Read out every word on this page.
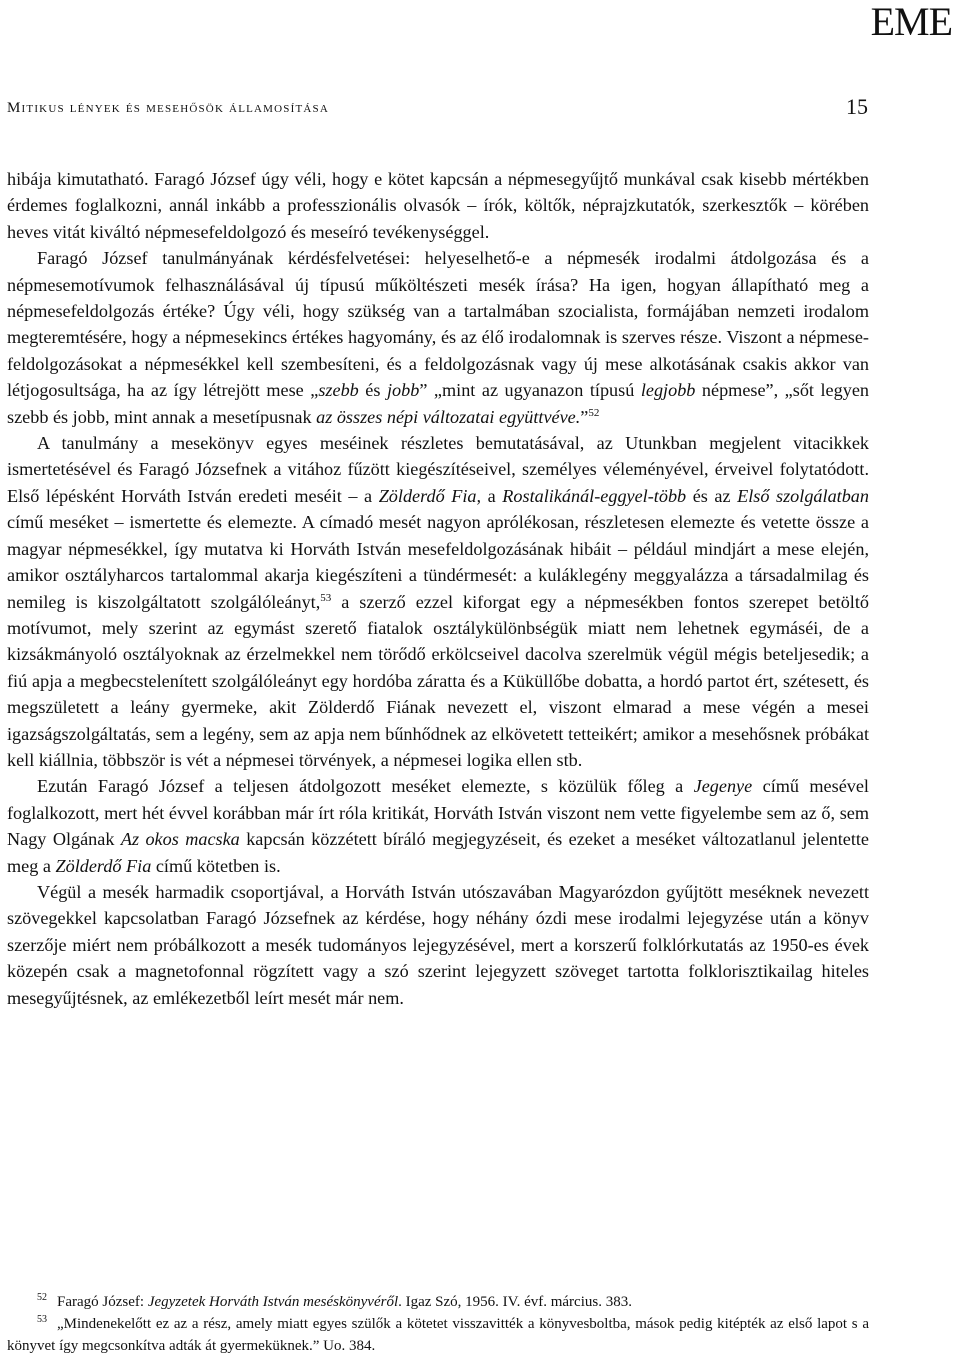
EME
Mitikus lények és mesehősök államosítása	15

hibája kimutatható. Faragó József úgy véli, hogy e kötet kapcsán a népmesegyűjtő munkával csak kisebb mértékben érdemes foglalkozni, annál inkább a professzionális olvasók – írók, költők, néprajzkutatók, szerkesztők – körében heves vitát kiváltó népmesefeldolgozó és meseíró tevékenységgel.

Faragó József tanulmányának kérdésfelvetései: helyeselhető-e a népmesék irodalmi átdolgozása és a népmesemotívumok felhasználásával új típusú műköltészeti mesék írása? Ha igen, hogyan állapítható meg a népmesefeldolgozás értéke? Úgy véli, hogy szükség van a tartalmában szocialista, formájában nemzeti irodalom megteremtésére, hogy a népmesekincs értékes hagyomány, és az élő irodalomnak is szerves része. Viszont a népmese-feldolgozásokat a népmesékkel kell szembesíteni, és a feldolgozásnak vagy új mese alkotásának csakis akkor van létjogosultsága, ha az így létrejött mese „szebb és jobb” „mint az ugyanazon típusú legjobb népmese”, „sőt legyen szebb és jobb, mint annak a mesetípusnak az összes népi változatai együttvéve.”$^{52}$

A tanulmány a mesekönyv egyes meséinek részletes bemutatásával, az Utunkban megjelent vitacikkek ismertetésével és Faragó Józsefnek a vitához fűzött kiegészítéseivel, személyes véleményével, érveivel folytatódott. Első lépésként Horváth István eredeti meséit – a Zölderdő Fia, a Rostalikánál-eggyel-több és az Első szolgálatban című meséket – ismertette és elemezte. A címadó mesét nagyon aprólékosan, részletesen elemezte és vetette össze a magyar népmesékkel, így mutatva ki Horváth István mesefeldolgozásának hibáit – például mindjárt a mese elején, amikor osztályharcos tartalommal akarja kiegészíteni a tündérmesét: a kuláklegény meggyalázza a társadalmilag és nemileg is kiszolgáltatott szolgálóleányt,$^{53}$ a szerző ezzel kiforgat egy a népmesékben fontos szerepet betöltő motívumot, mely szerint az egymást szerető fiatalok osztálykülönbségük miatt nem lehetnek egymáséi, de a kizsákmányoló osztályoknak az érzelmekkel nem törődő erkölcseivel dacolva szerelmük végül mégis beteljesedik; a fiú apja a megbecstelenített szolgálóleányt egy hordóba záratta és a Küküllőbe dobatta, a hordó partot ért, szétesett, és megszületett a leány gyermeke, akit Zölderdő Fiának nevezett el, viszont elmarad a mese végén a mesei igazságszolgáltatás, sem a legény, sem az apja nem bűnhődnek az elkövetett tetteikért; amikor a mesehősnek próbákat kell kiállnia, többször is vét a népmesei törvények, a népmesei logika ellen stb.

Ezután Faragó József a teljesen átdolgozott meséket elemezte, s közülük főleg a Jegenye című mesével foglalkozott, mert hét évvel korábban már írt róla kritikát, Horváth István viszont nem vette figyelembe sem az ő, sem Nagy Olgának Az okos macska kapcsán közzétett bíráló megjegyzéseit, és ezeket a meséket változatlanul jelentette meg a Zölderdő Fia című kötetben is.

Végül a mesék harmadik csoportjával, a Horváth István utószavában Magyarózdon gyűjtött meséknek nevezett szövegekkel kapcsolatban Faragó Józsefnek az kérdése, hogy néhány ózdi mese irodalmi lejegyzése után a könyv szerzője miért nem próbálkozott a mesék tudományos lejegyzésével, mert a korszerű folklórkutatás az 1950-es évek közepén csak a magnetofonnal rögzített vagy a szó szerint lejegyzett szöveget tartotta folklorisztikailag hiteles mesegyűjtésnek, az emlékezetből leírt mesét már nem.

52 Faragó József: Jegyzetek Horváth István meséskönyvéről. Igaz Szó, 1956. IV. évf. március. 383.

53 „Mindenekelőtt ez az a rész, amely miatt egyes szülők a kötetet visszavitték a könyvesboltba, mások pedig kitépték az első lapot s a könyvet így megcsonkítva adták át gyermeküknek.” Uo. 384.
